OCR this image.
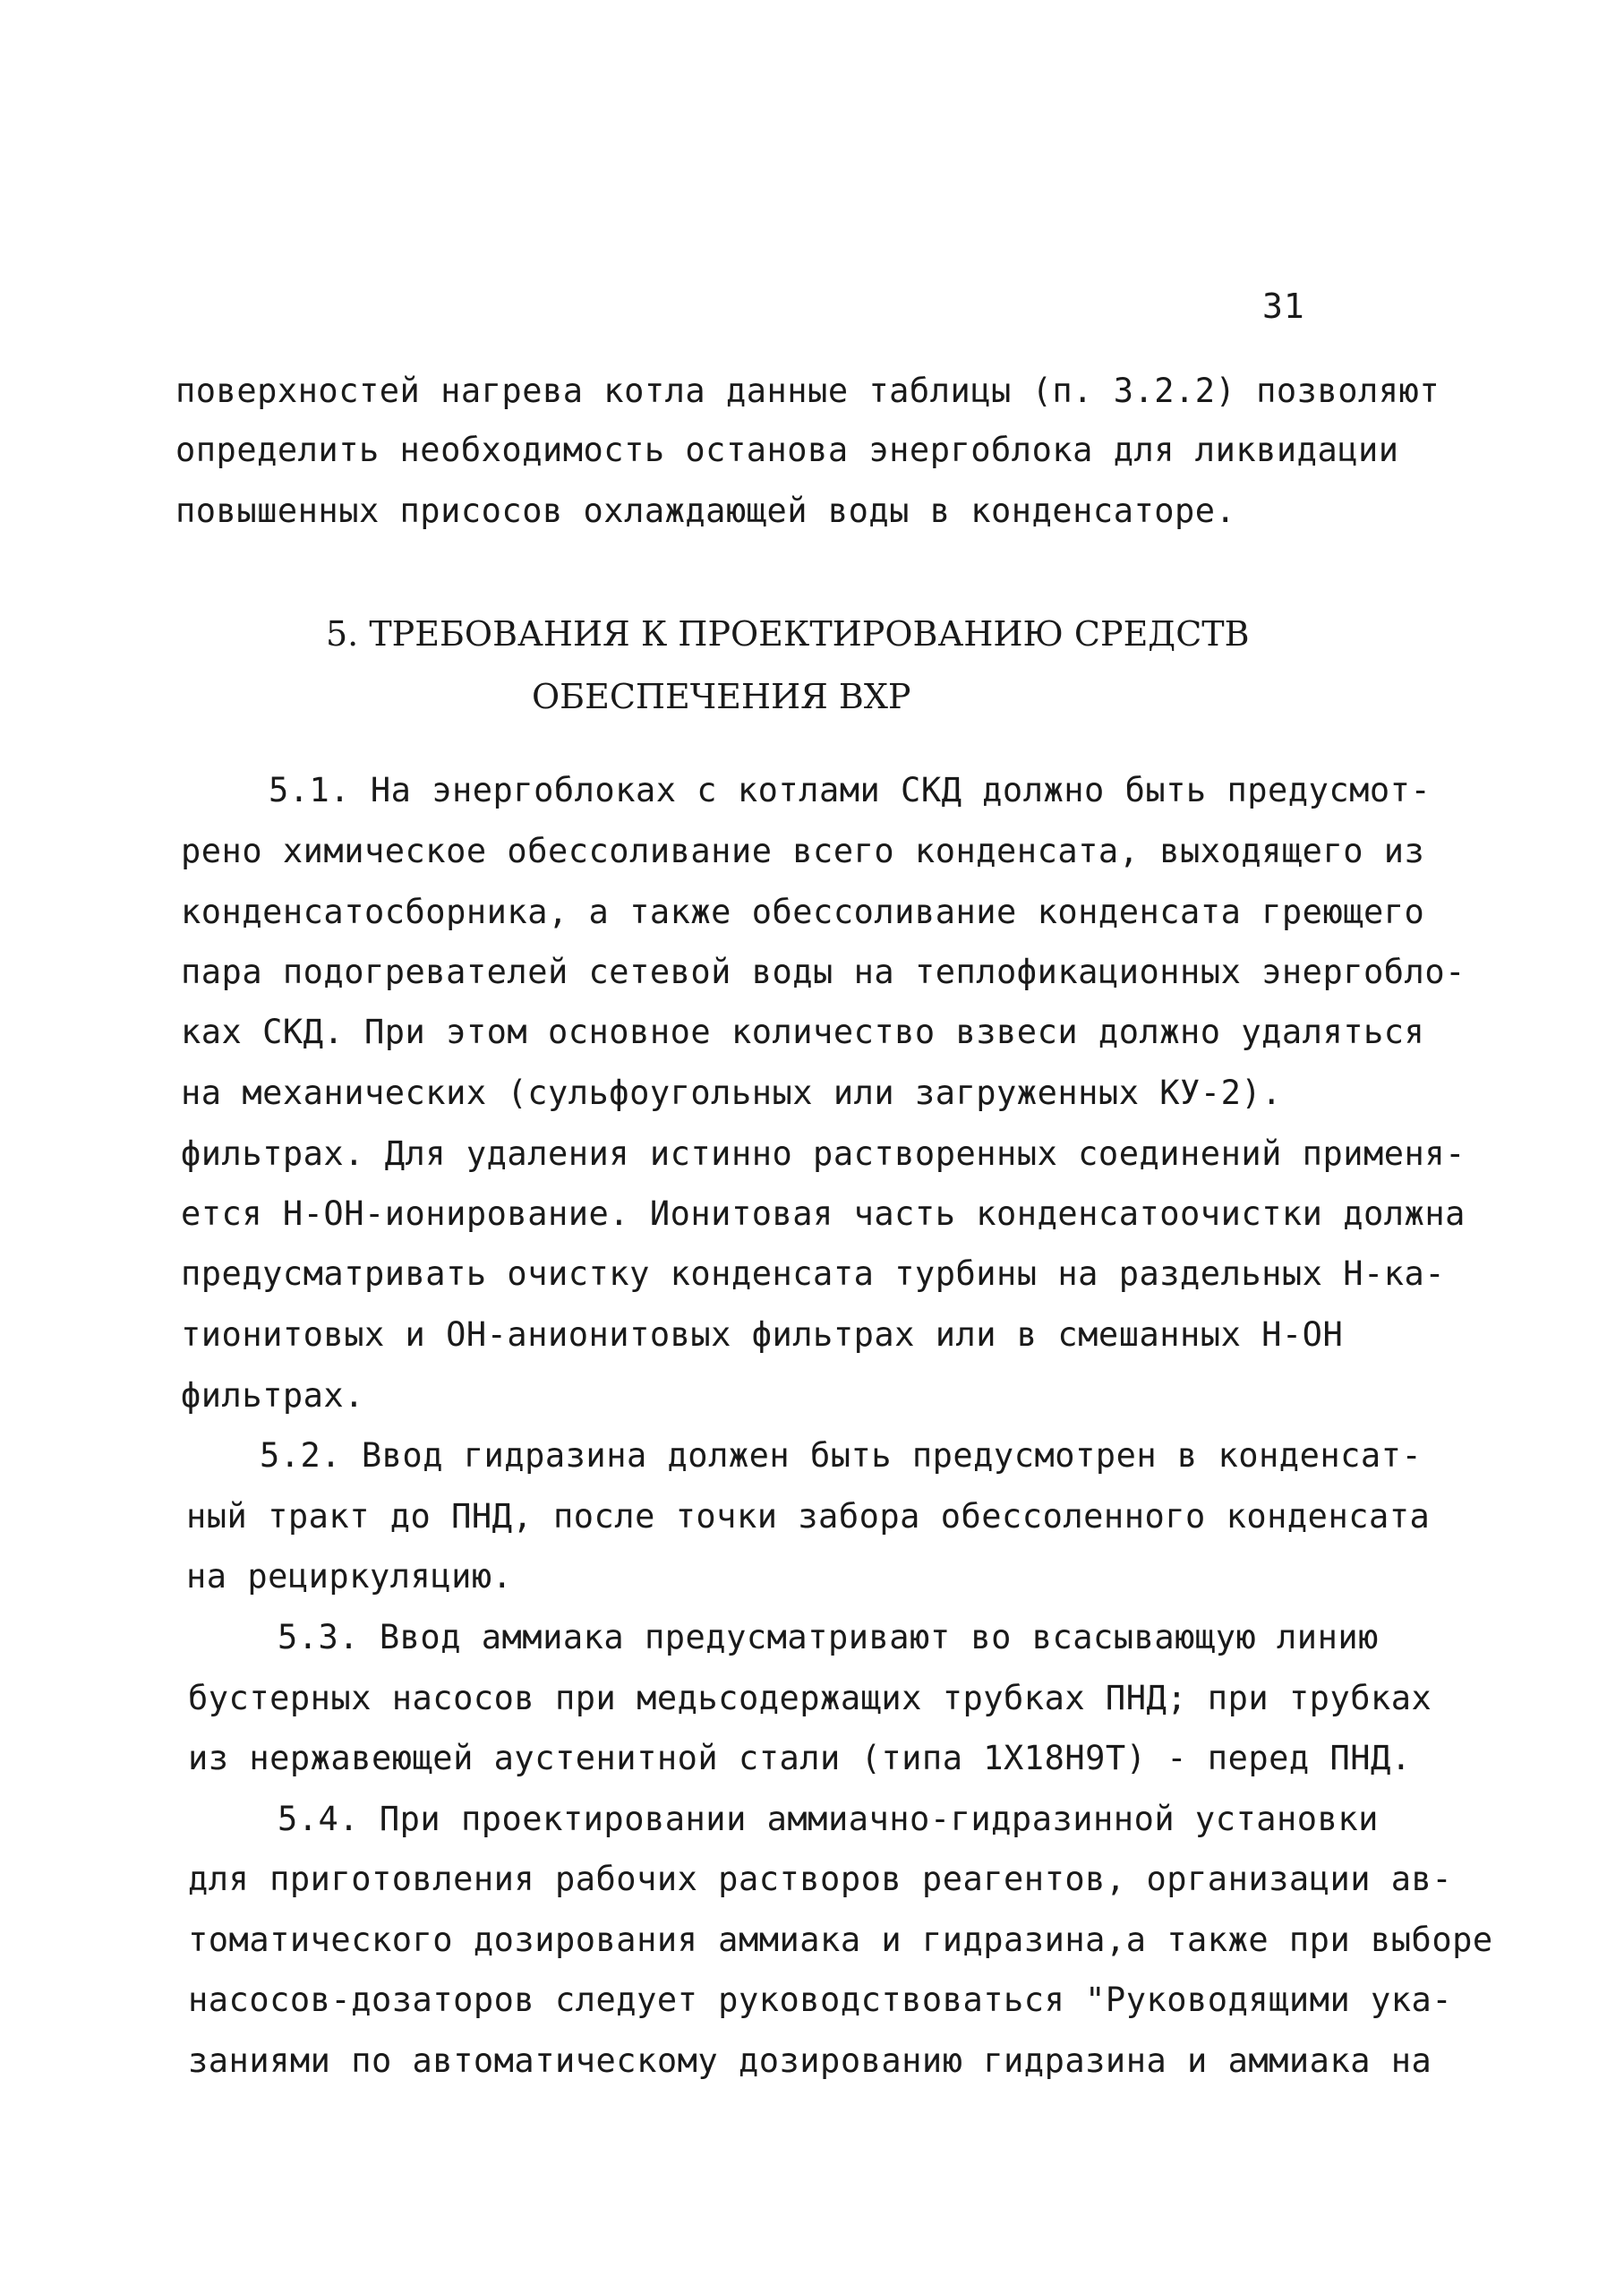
31
поверхностей нагрева котла данные таблицы (п. 3.2.2) позволяют
определить необходимость останова энергоблока для ликвидации
повышенных присосов охлаждающей воды в конденсаторе.
5. ТРЕБОВАНИЯ К ПРОЕКТИРОВАНИЮ СРЕДСТВ
ОБЕСПЕЧЕНИЯ ВХР
5.1. На энергоблоках с котлами СКД должно быть предусмот-
рено химическое обессоливание всего конденсата, выходящего из
конденсатосборника, а также обессоливание конденсата греющего
пара подогревателей сетевой воды на теплофикационных энергобло-
ках СКД. При этом основное количество взвеси должно удаляться
на механических (сульфоугольных или загруженных КУ-2).
фильтрах. Для удаления истинно растворенных соединений применя-
ется Н-ОН-ионирование. Ионитовая часть конденсатоочистки должна
предусматривать очистку конденсата турбины на раздельных Н-ка-
тионитовых и ОН-анионитовых фильтрах или в смешанных Н-ОН
фильтрах.
5.2. Ввод гидразина должен быть предусмотрен в конденсат-
ный тракт до ПНД, после точки забора обессоленного конденсата
на рециркуляцию.
5.3. Ввод аммиака предусматривают во всасывающую линию
бустерных насосов при медьсодержащих трубках ПНД; при трубках
из нержавеющей аустенитной стали (типа 1Х18Н9Т) - перед ПНД.
5.4. При проектировании аммиачно-гидразинной установки
для приготовления рабочих растворов реагентов, организации ав-
томатического дозирования аммиака и гидразина,а также при выборе
насосов-дозаторов следует руководствоваться "Руководящими ука-
заниями по автоматическому дозированию гидразина и аммиака на
